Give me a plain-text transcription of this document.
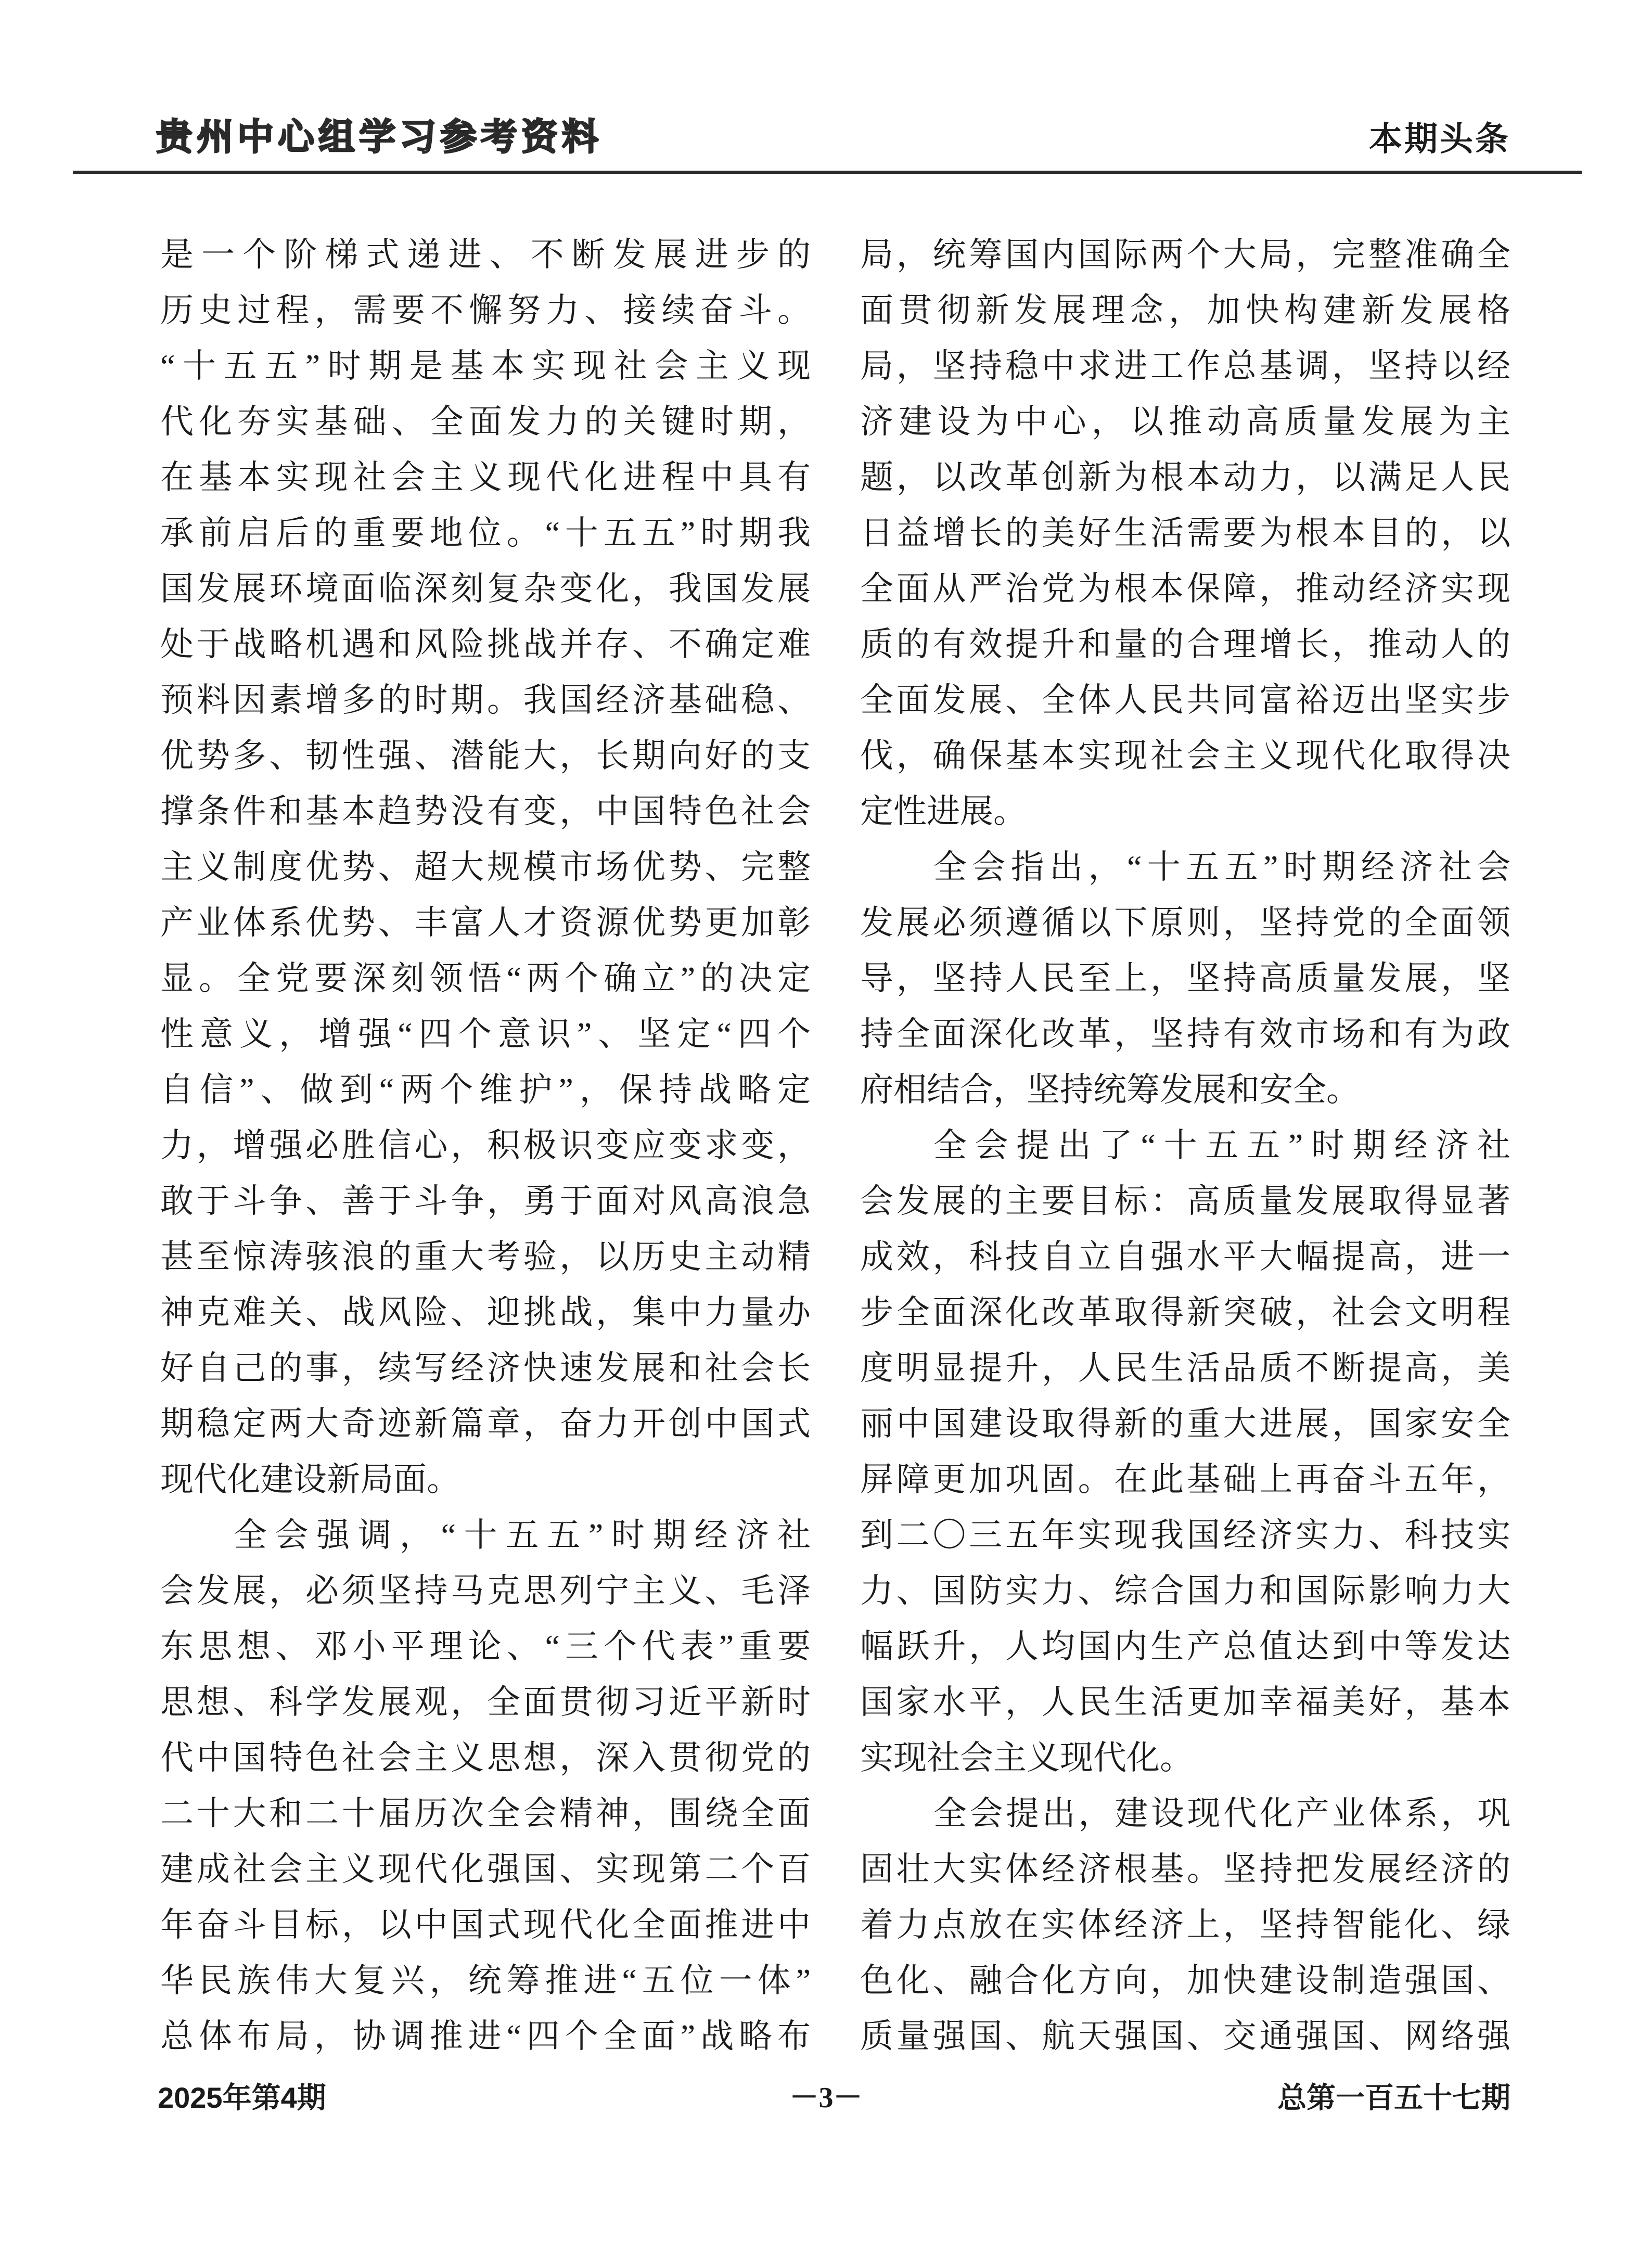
贵州中心组学习参考资料	本期头条
是一个阶梯式递进、不断发展进步的
历史过程，需要不懈努力、接续奋斗。
“十五五”时期是基本实现社会主义现
代化夯实基础、全面发力的关键时期，
在基本实现社会主义现代化进程中具有
承前启后的重要地位。“十五五”时期我
国发展环境面临深刻复杂变化，我国发展
处于战略机遇和风险挑战并存、不确定难
预料因素增多的时期。我国经济基础稳、
优势多、韧性强、潜能大，长期向好的支
撑条件和基本趋势没有变，中国特色社会
主义制度优势、超大规模市场优势、完整
产业体系优势、丰富人才资源优势更加彰
显。全党要深刻领悟“两个确立”的决定
性意义，增强“四个意识”、坚定“四个
自信”、做到“两个维护”，保持战略定
力，增强必胜信心，积极识变应变求变，
敢于斗争、善于斗争，勇于面对风高浪急
甚至惊涛骇浪的重大考验，以历史主动精
神克难关、战风险、迎挑战，集中力量办
好自己的事，续写经济快速发展和社会长
期稳定两大奇迹新篇章，奋力开创中国式
现代化建设新局面。
全会强调，“十五五”时期经济社
会发展，必须坚持马克思列宁主义、毛泽
东思想、邓小平理论、“三个代表”重要
思想、科学发展观，全面贯彻习近平新时
代中国特色社会主义思想，深入贯彻党的
二十大和二十届历次全会精神，围绕全面
建成社会主义现代化强国、实现第二个百
年奋斗目标，以中国式现代化全面推进中
华民族伟大复兴，统筹推进“五位一体”
总体布局，协调推进“四个全面”战略布
局，统筹国内国际两个大局，完整准确全
面贯彻新发展理念，加快构建新发展格
局，坚持稳中求进工作总基调，坚持以经
济建设为中心，以推动高质量发展为主
题，以改革创新为根本动力，以满足人民
日益增长的美好生活需要为根本目的，以
全面从严治党为根本保障，推动经济实现
质的有效提升和量的合理增长，推动人的
全面发展、全体人民共同富裕迈出坚实步
伐，确保基本实现社会主义现代化取得决
定性进展。
全会指出，“十五五”时期经济社会
发展必须遵循以下原则，坚持党的全面领
导，坚持人民至上，坚持高质量发展，坚
持全面深化改革，坚持有效市场和有为政
府相结合，坚持统筹发展和安全。
全会提出了“十五五”时期经济社
会发展的主要目标：高质量发展取得显著
成效，科技自立自强水平大幅提高，进一
步全面深化改革取得新突破，社会文明程
度明显提升，人民生活品质不断提高，美
丽中国建设取得新的重大进展，国家安全
屏障更加巩固。在此基础上再奋斗五年，
到二〇三五年实现我国经济实力、科技实
力、国防实力、综合国力和国际影响力大
幅跃升，人均国内生产总值达到中等发达
国家水平，人民生活更加幸福美好，基本
实现社会主义现代化。
全会提出，建设现代化产业体系，巩
固壮大实体经济根基。坚持把发展经济的
着力点放在实体经济上，坚持智能化、绿
色化、融合化方向，加快建设制造强国、
质量强国、航天强国、交通强国、网络强
2025年第4期	－3－	总第一百五十七期
